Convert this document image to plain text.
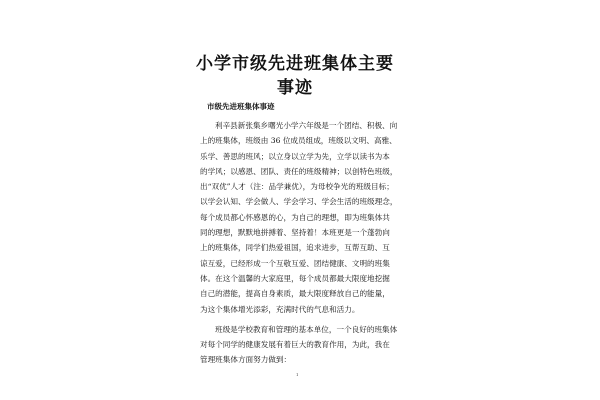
小学市级先进班集体主要
事迹
市级先进班集体事迹
利辛县新张集乡曙光小学六年级是一个团结、积极、向
上的班集体，班级由 36 位成员组成，班级以文明、高雅、
乐学、善思的班风；以立身以立学为先，立学以读书为本
的学风；以感恩、团队、责任的班级精神；以创特色班级，
出“双优”人才（注：品学兼优），为母校争光的班级目标；
以学会认知、学会做人、学会学习、学会生活的班级理念，
每个成员都心怀感恩的心，为自己的理想，即为班集体共
同的理想，默默地拼搏着、坚持着！本班更是一个蓬勃向
上的班集体，同学们热爱祖国，追求进步，互帮互助、互
谅互爱，已经形成一个互敬互爱、团结健康、文明的班集
体。在这个温馨的大家庭里，每个成员都最大限度地挖掘
自己的潜能，提高自身素质，最大限度释放自己的能量，
为这个集体增光添彩，充满时代的气息和活力。
班级是学校教育和管理的基本单位，一个良好的班集体
对每个同学的健康发展有着巨大的教育作用，为此，我在
管理班集体方面努力做到：
1
